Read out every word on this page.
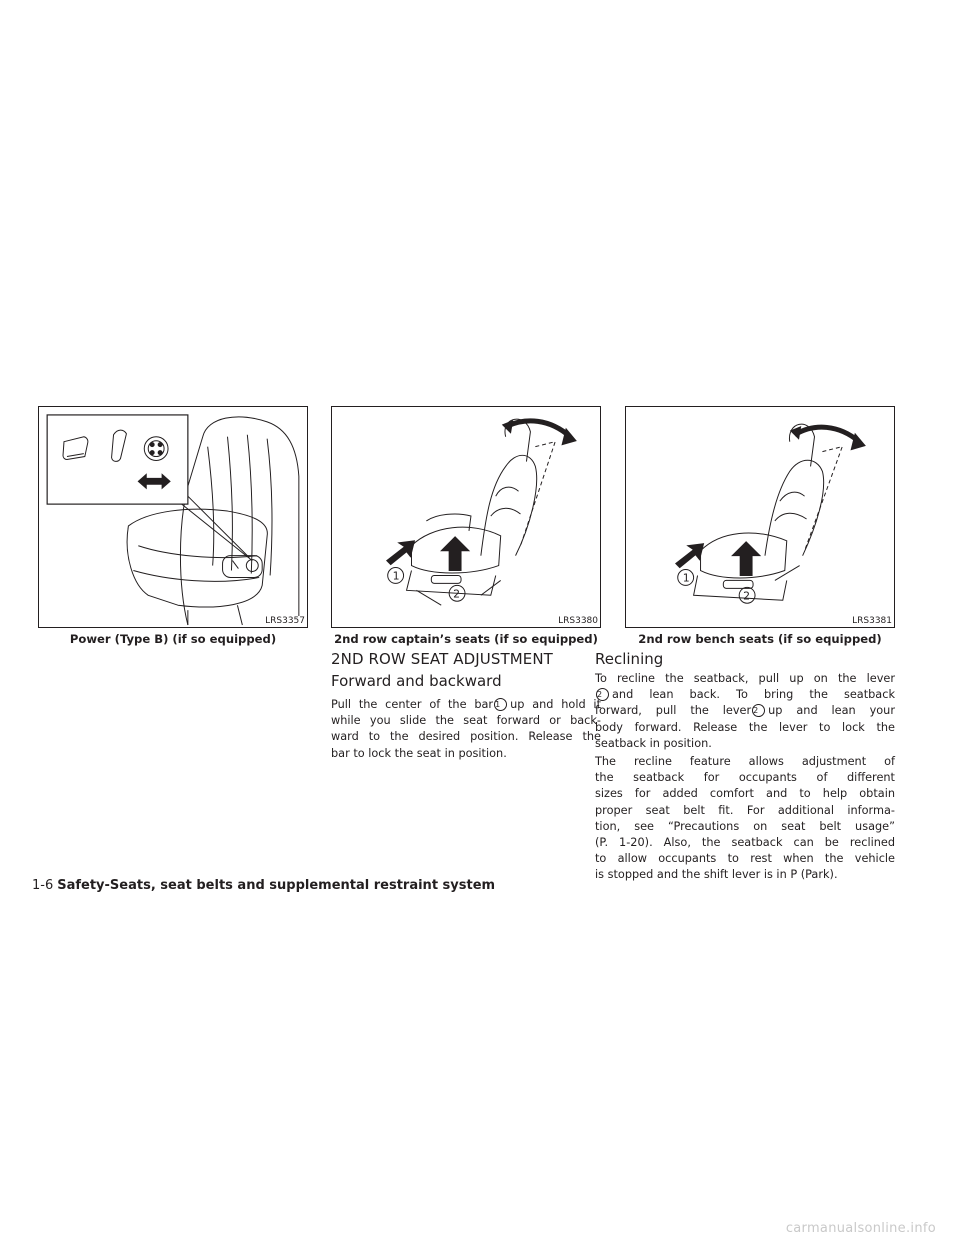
LRS3357
Power (Type B) (if so equipped)
1
2
LRS3380
2nd row captain’s seats (if so equipped)
1
2
LRS3381
2nd row bench seats (if so equipped)
2ND ROW SEAT ADJUSTMENT
Forward and backward
Pull the center of the bar 1 up and hold it
while you slide the seat forward or back-
ward to the desired position. Release the
bar to lock the seat in position.
Reclining
To recline the seatback, pull up on the lever
2 and lean back. To bring the seatback
forward, pull the lever 2 up and lean your
body forward. Release the lever to lock the
seatback in position.
The recline feature allows adjustment of
the seatback for occupants of different
sizes for added comfort and to help obtain
proper seat belt fit. For additional informa-
tion, see “Precautions on seat belt usage”
(P. 1-20). Also, the seatback can be reclined
to allow occupants to rest when the vehicle
is stopped and the shift lever is in P (Park).
1-6 Safety-Seats, seat belts and supplemental restraint system
carmanualsonline.info
